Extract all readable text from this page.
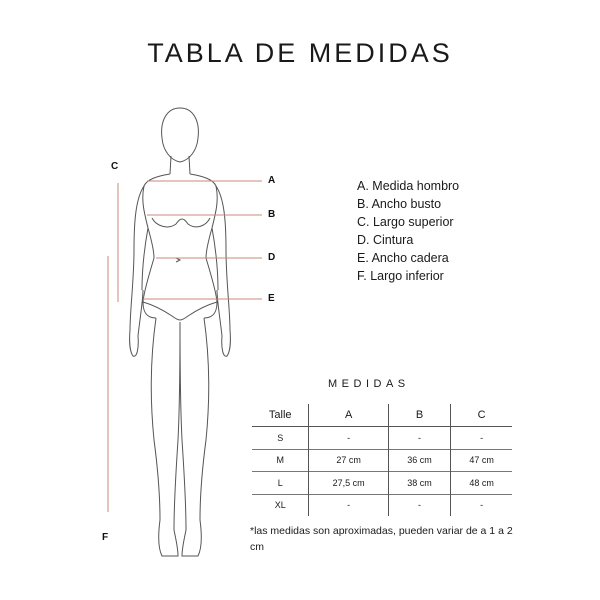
TABLA DE MEDIDAS
A
B
C
D
E
F
A. Medida hombro
B. Ancho busto
C. Largo superior
D. Cintura
E. Ancho cadera
F. Largo inferior
MEDIDAS
Talle	A	B	C
S	-	-	-
M	27 cm	36 cm	47 cm
L	27,5 cm	38 cm	48 cm
XL	-	-	-
*las medidas son aproximadas, pueden variar de a 1 a 2 cm
